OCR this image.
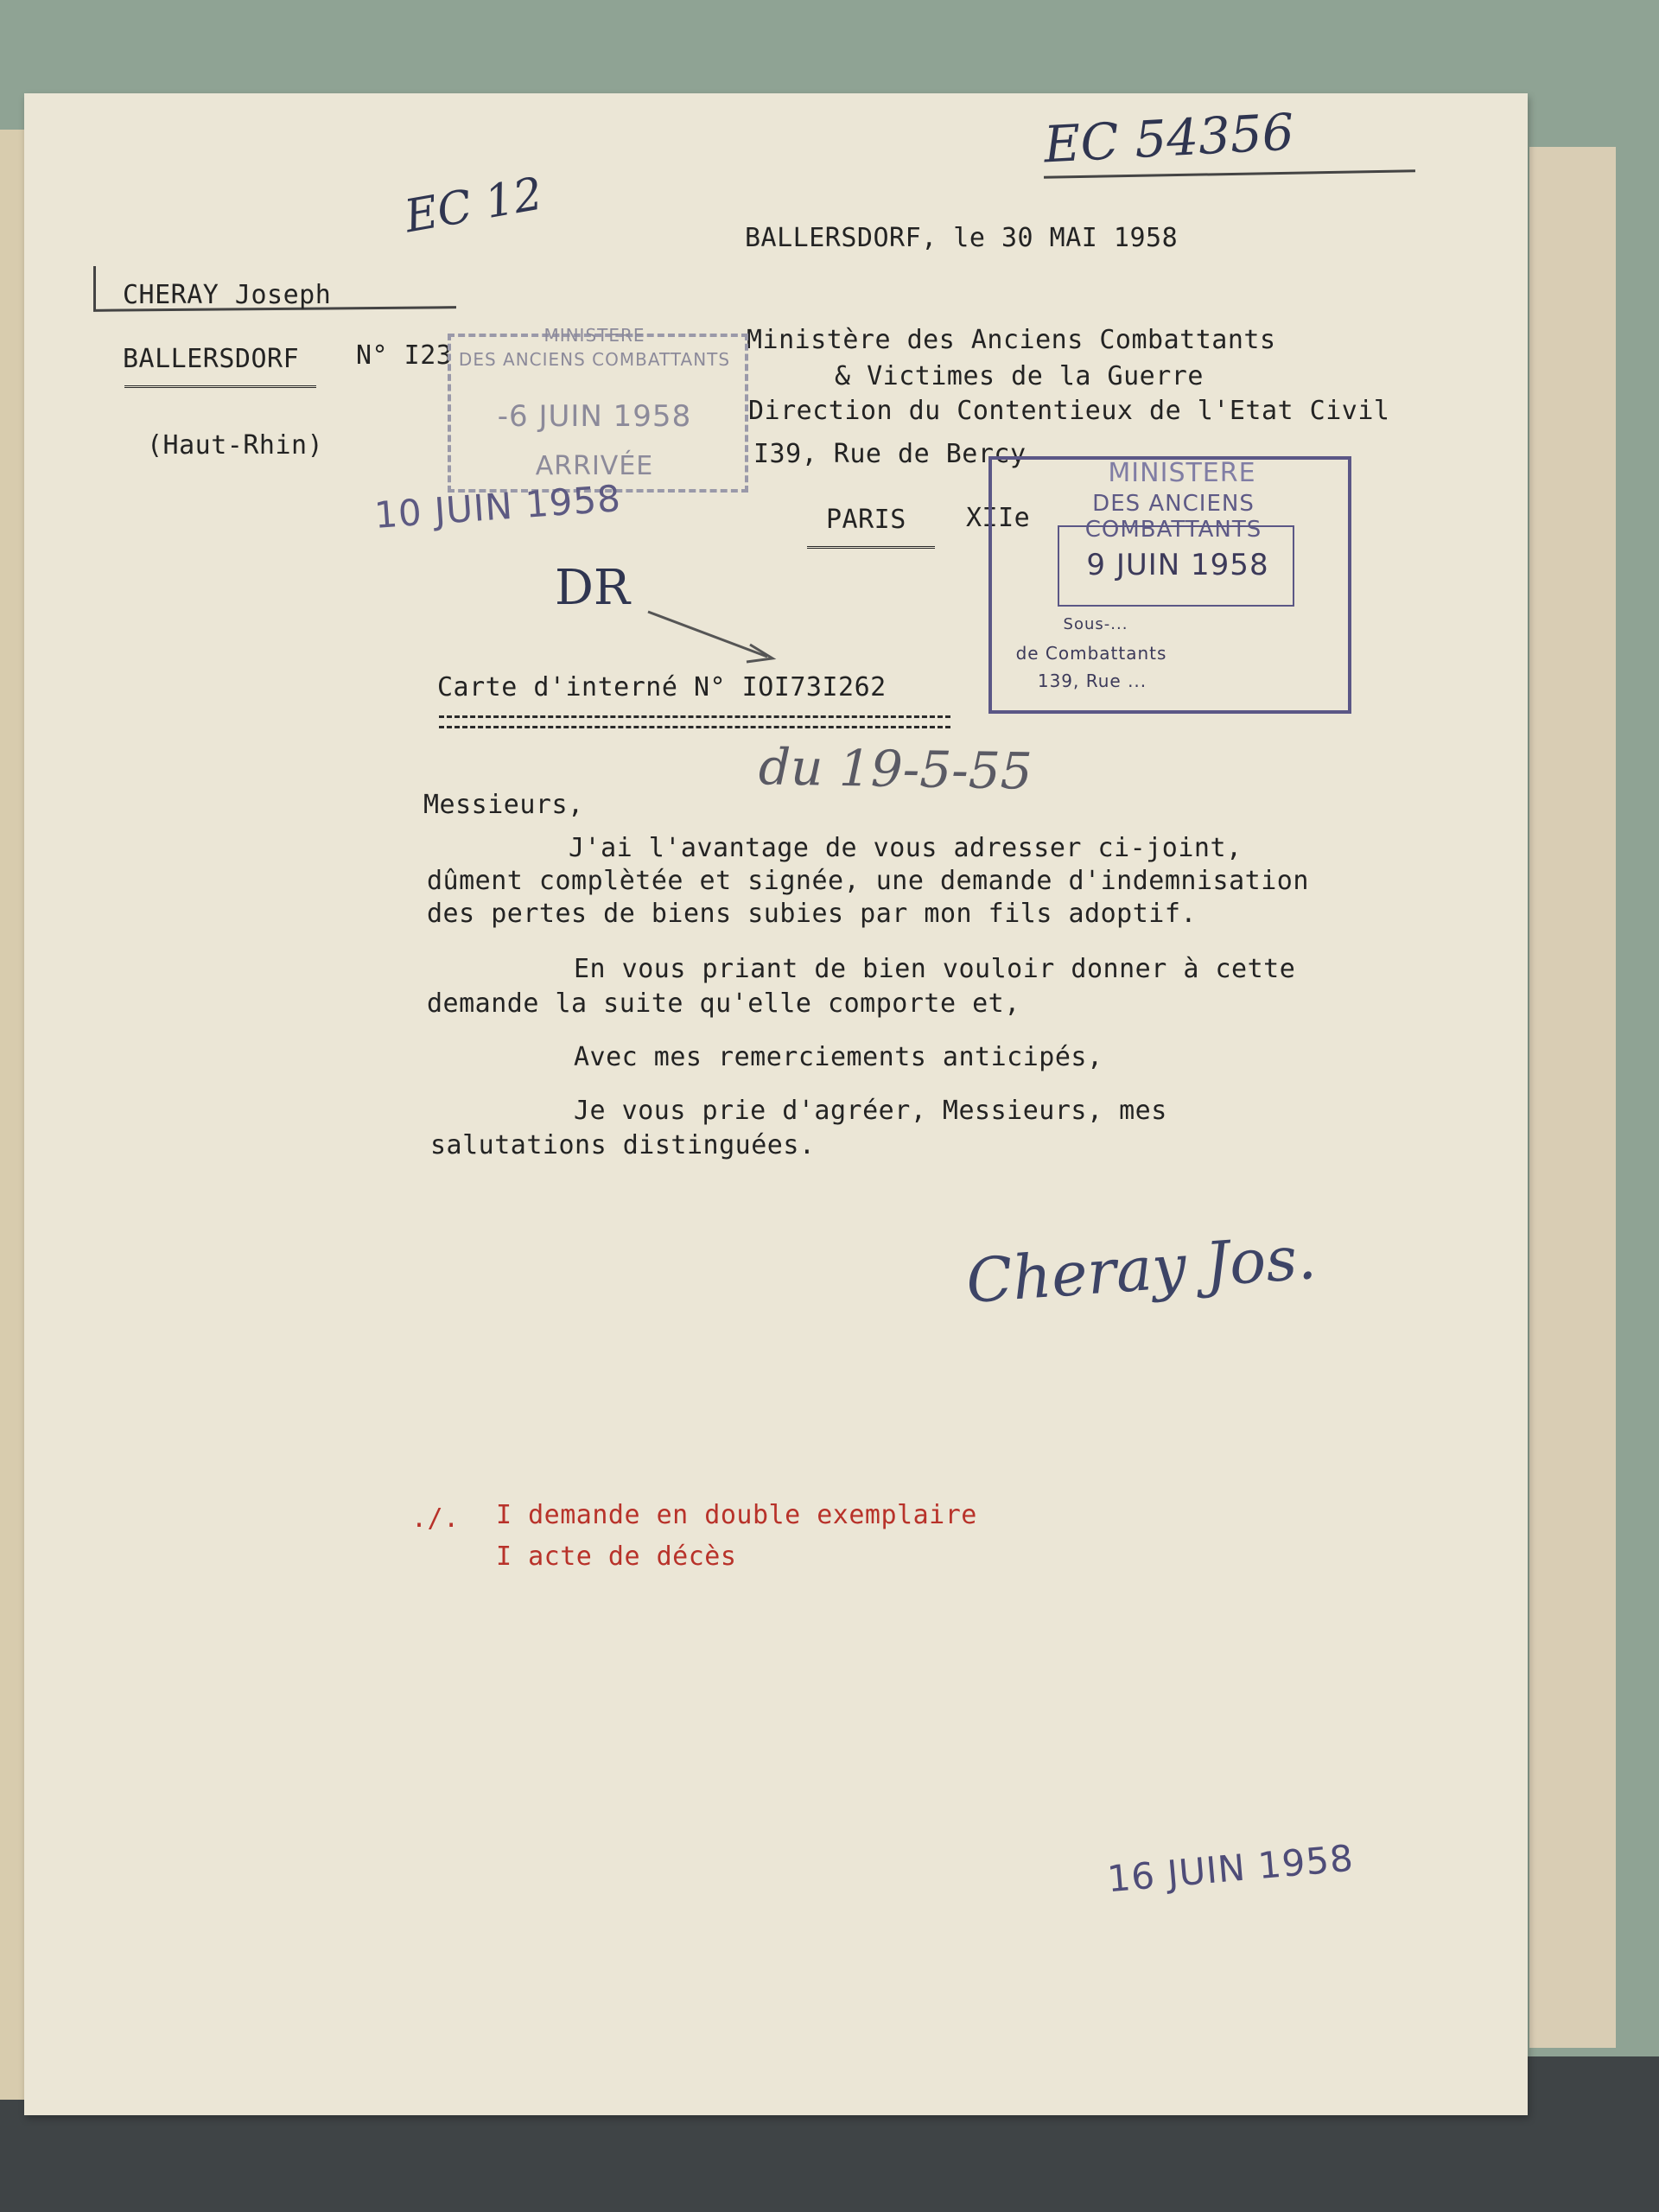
EC 54356
EC 12	BALLERSDORF, le 30 MAI 1958
CHERAY Joseph
BALLERSDORF N° I23
(Haut-Rhin)
Ministère des Anciens Combattants
& Victimes de la Guerre
Direction du Contentieux de l'Etat Civil
I39, Rue de Bercy
PARIS XIIe
MINISTERE
DES ANCIENS COMBATTANTS
-6 JUIN 1958
ARRIVÉE
10 JUIN 1958
MINISTERE
DES ANCIENS COMBATTANTS
9 JUIN 1958
Sous-...
de Combattants
139, Rue ...
DR
Carte d'interné N° IOI73I262
du 19-5-55
Messieurs,
J'ai l'avantage de vous adresser ci-joint,
dûment complètée et signée, une demande d'indemnisation
des pertes de biens subies par mon fils adoptif.
En vous priant de bien vouloir donner à cette
demande la suite qu'elle comporte et,
Avec mes remerciements anticipés,
Je vous prie d'agréer, Messieurs, mes
salutations distinguées.
Cheray Jos.
./. I demande en double exemplaire
I acte de décès
16 JUIN 1958
